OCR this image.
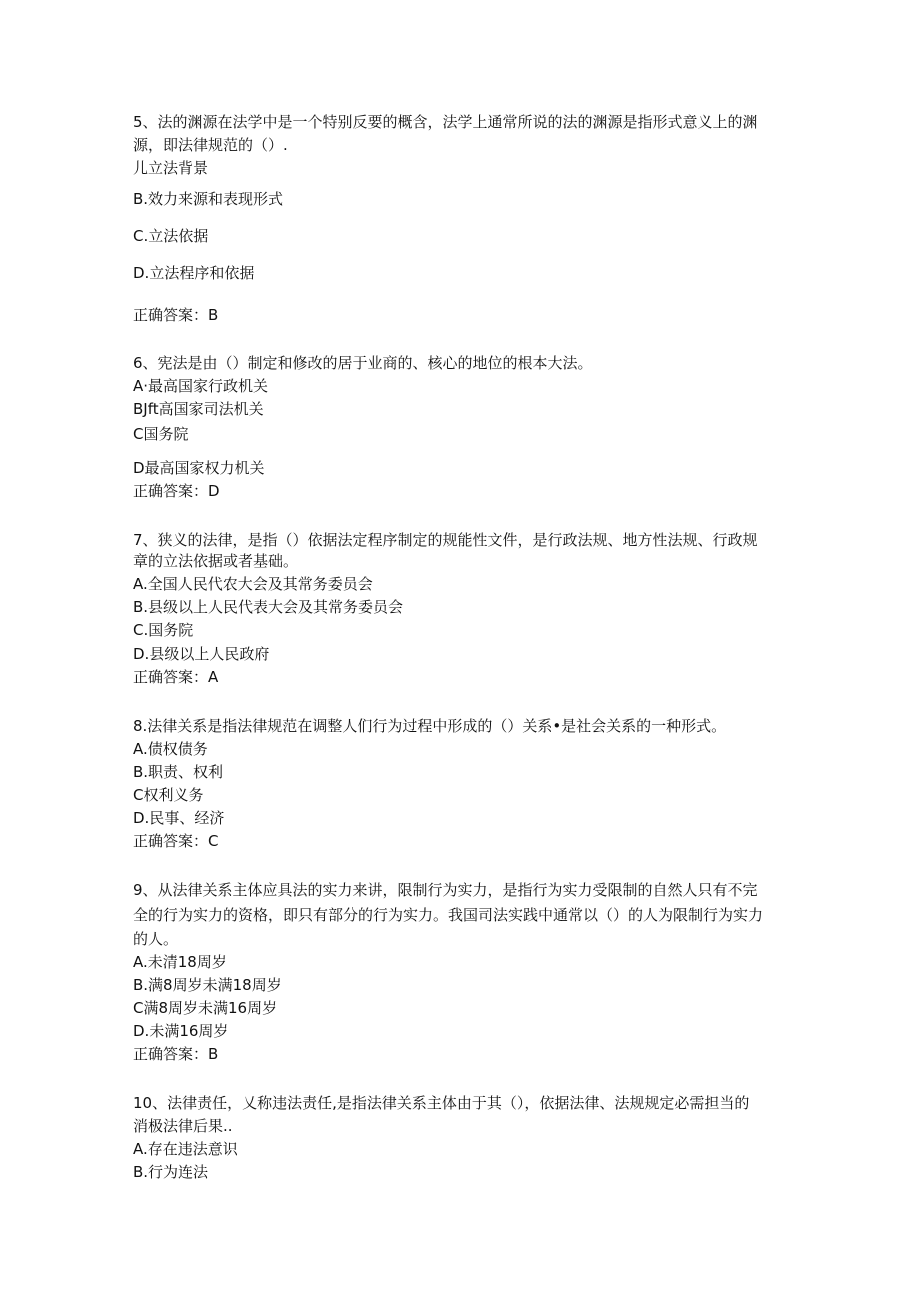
5、法的渊源在法学中是一个特别反要的概含，法学上通常所说的法的渊源是指形式意义上的渊
源，即法律规范的（）.
儿立法背景
B.效力来源和表现形式
C.立法依据
D.立法程序和依据
正确答案：B
6、宪法是由（）制定和修改的居于业商的、核心的地位的根本大法。
A·最高国家行政机关
BJft高国家司法机关
C国务院
D最高国家权力机关
正确答案：D
7、狭义的法律，是指（）依据法定程序制定的规能性文件，是行政法规、地方性法规、行政规
章的立法依据或者基础。
A.全国人民代农大会及其常务委员会
B.县级以上人民代表大会及其常务委员会
C.国务院
D.县级以上人民政府
正确答案：A
8.法律关系是指法律规范在调整人们行为过程中形成的（）关系•是社会关系的一种形式。
A.债权债务
B.职责、权利
C权利义务
D.民事、经济
正确答案：C
9、从法律关系主体应具法的实力来讲，限制行为实力，是指行为实力受限制的自然人只有不完
全的行为实力的资格，即只有部分的行为实力。我国司法实践中通常以（）的人为限制行为实力
的人。
A.未清18周岁
B.满8周岁未满18周岁
C满8周岁未满16周岁
D.未满16周岁
正确答案：B
10、法律责任，乂称违法责任,是指法律关系主体由于其（），依据法律、法规规定必需担当的
消极法律后果..
A.存在违法意识
B.行为连法
